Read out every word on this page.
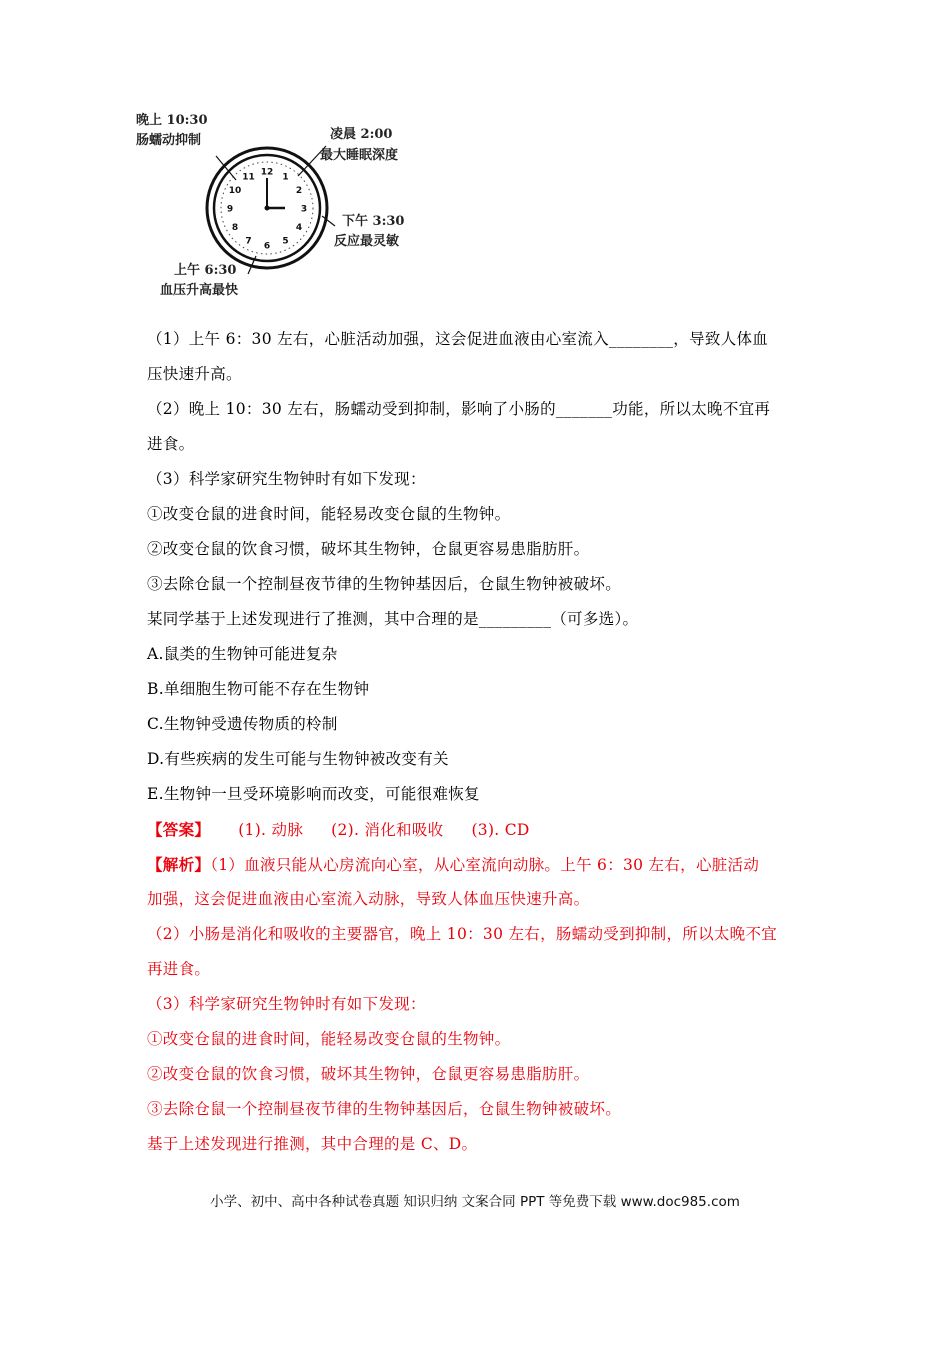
12 1
2
3
4
5
6
7
8
9
10
11
晚上 10:30
肠蠕动抑制	凌晨 2:00
最大睡眠深度
下午 3:30
反应最灵敏
上午 6:30
血压升高最快
（1）上午 6：30 左右，心脏活动加强，这会促进血液由心室流入________，导致人体血
压快速升高。
（2）晚上 10：30 左右，肠蠕动受到抑制，影响了小肠的_______功能，所以太晚不宜再
进食。
（3）科学家研究生物钟时有如下发现：
①改变仓鼠的进食时间，能轻易改变仓鼠的生物钟。
②改变仓鼠的饮食习惯，破坏其生物钟，仓鼠更容易患脂肪肝。
③去除仓鼠一个控制昼夜节律的生物钟基因后，仓鼠生物钟被破坏。
某同学基于上述发现进行了推测，其中合理的是_________（可多选）。
A.鼠类的生物钟可能进复杂
B.单细胞生物可能不存在生物钟
C.生物钟受遗传物质的柃制
D.有些疾病的发生可能与生物钟被改变有关
E.生物钟一旦受环境影响而改变，可能很难恢复
【答案】 (1). 动脉 (2). 消化和吸收 (3). CD
【解析】（1）血液只能从心房流向心室，从心室流向动脉。上午 6：30 左右，心脏活动
加强，这会促进血液由心室流入动脉，导致人体血压快速升高。
（2）小肠是消化和吸收的主要器官，晚上 10：30 左右，肠蠕动受到抑制，所以太晚不宜
再进食。
（3）科学家研究生物钟时有如下发现：
①改变仓鼠的进食时间，能轻易改变仓鼠的生物钟。
②改变仓鼠的饮食习惯，破坏其生物钟，仓鼠更容易患脂肪肝。
③去除仓鼠一个控制昼夜节律的生物钟基因后，仓鼠生物钟被破坏。
基于上述发现进行推测，其中合理的是 C、D。
小学、初中、高中各种试卷真题 知识归纳 文案合同 PPT 等免费下载 www.doc985.com
